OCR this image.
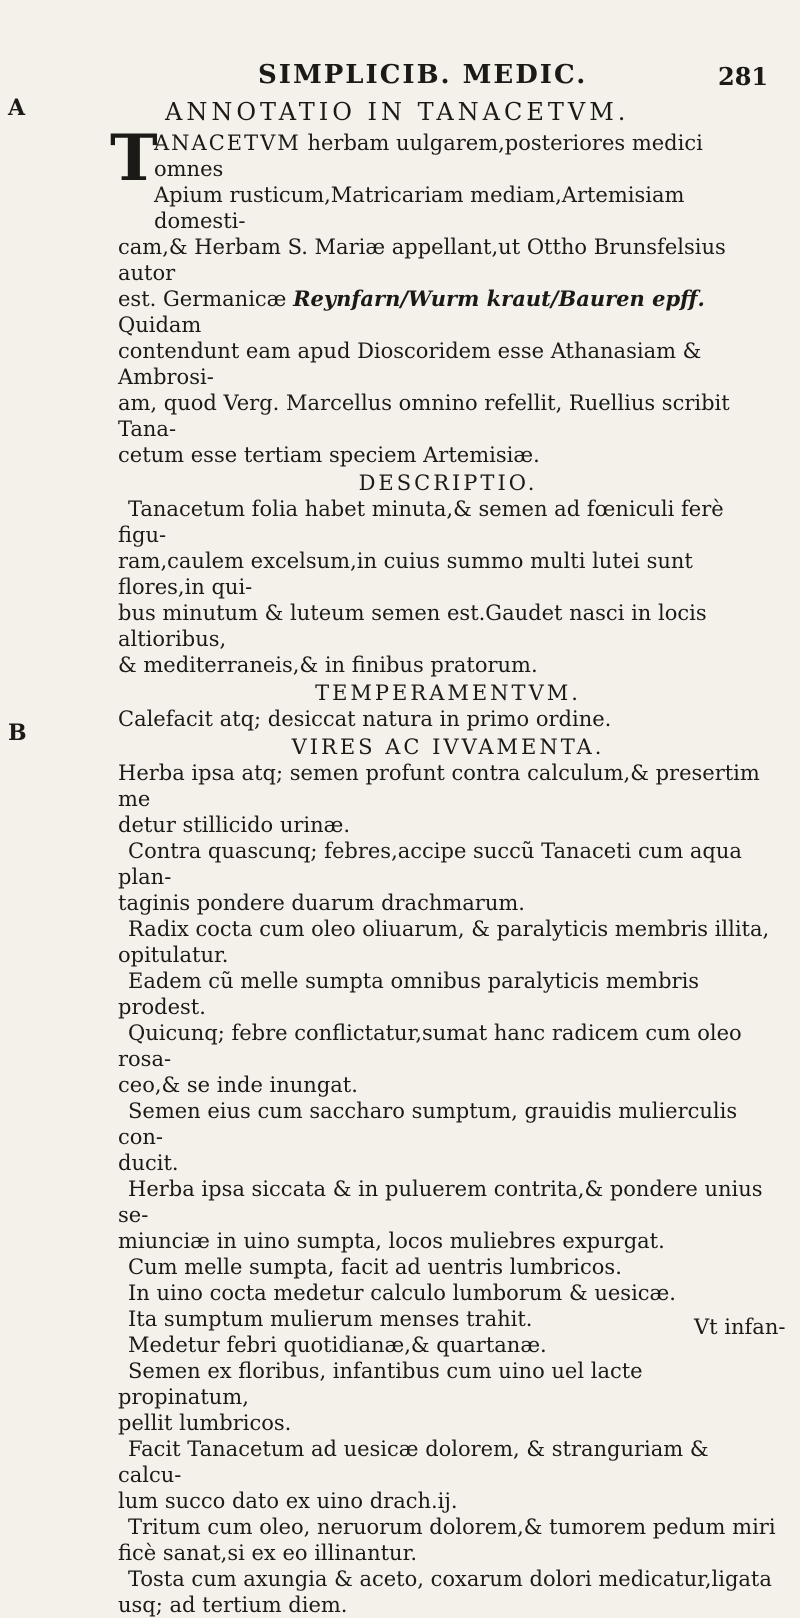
SIMPLICIB. MEDIC.	281
A
B
ANNOTATIO IN TANACETVM.
T
ANACETVM herbam uulgarem,posteriores medici omnes
Apium rusticum,Matricariam mediam,Artemisiam domesti-
cam,& Herbam S. Mariæ appellant,ut Ottho Brunsfelsius autor
est. Germanicæ Reynfarn/Wurm kraut/Bauren epff. Quidam
contendunt eam apud Dioscoridem esse Athanasiam & Ambrosi-
am, quod Verg. Marcellus omnino refellit, Ruellius scribit Tana-
cetum esse tertiam speciem Artemisiæ.
DESCRIPTIO.

Tanacetum folia habet minuta,& semen ad fœniculi ferè figu-

ram,caulem excelsum,in cuius summo multi lutei sunt flores,in qui-

bus minutum & luteum semen est.Gaudet nasci in locis altioribus,

& mediterraneis,& in finibus pratorum.

TEMPERAMENTVM.

Calefacit atq; desiccat natura in primo ordine.

VIRES AC IVVAMENTA.

Herba ipsa atq; semen profunt contra calculum,& presertim me

detur stillicido urinæ.

Contra quascunq; febres,accipe succũ Tanaceti cum aqua plan-

taginis pondere duarum drachmarum.

Radix cocta cum oleo oliuarum, & paralyticis membris illita,

opitulatur.

Eadem cũ melle sumpta omnibus paralyticis membris prodest.

Quicunq; febre conflictatur,sumat hanc radicem cum oleo rosa-

ceo,& se inde inungat.

Semen eius cum saccharo sumptum, grauidis mulierculis con-

ducit.

Herba ipsa siccata & in puluerem contrita,& pondere unius se-

miunciæ in uino sumpta, locos muliebres expurgat.

Cum melle sumpta, facit ad uentris lumbricos.

In uino cocta medetur calculo lumborum & uesicæ.

Ita sumptum mulierum menses trahit.

Medetur febri quotidianæ,& quartanæ.

Semen ex floribus, infantibus cum uino uel lacte propinatum,

pellit lumbricos.

Facit Tanacetum ad uesicæ dolorem, & stranguriam & calcu-

lum succo dato ex uino drach.ij.

Tritum cum oleo, neruorum dolorem,& tumorem pedum miri

ficè sanat,si ex eo illinantur.

Tosta cum axungia & aceto, coxarum dolori medicatur,ligata

usq; ad tertium diem.

Vt infan-
